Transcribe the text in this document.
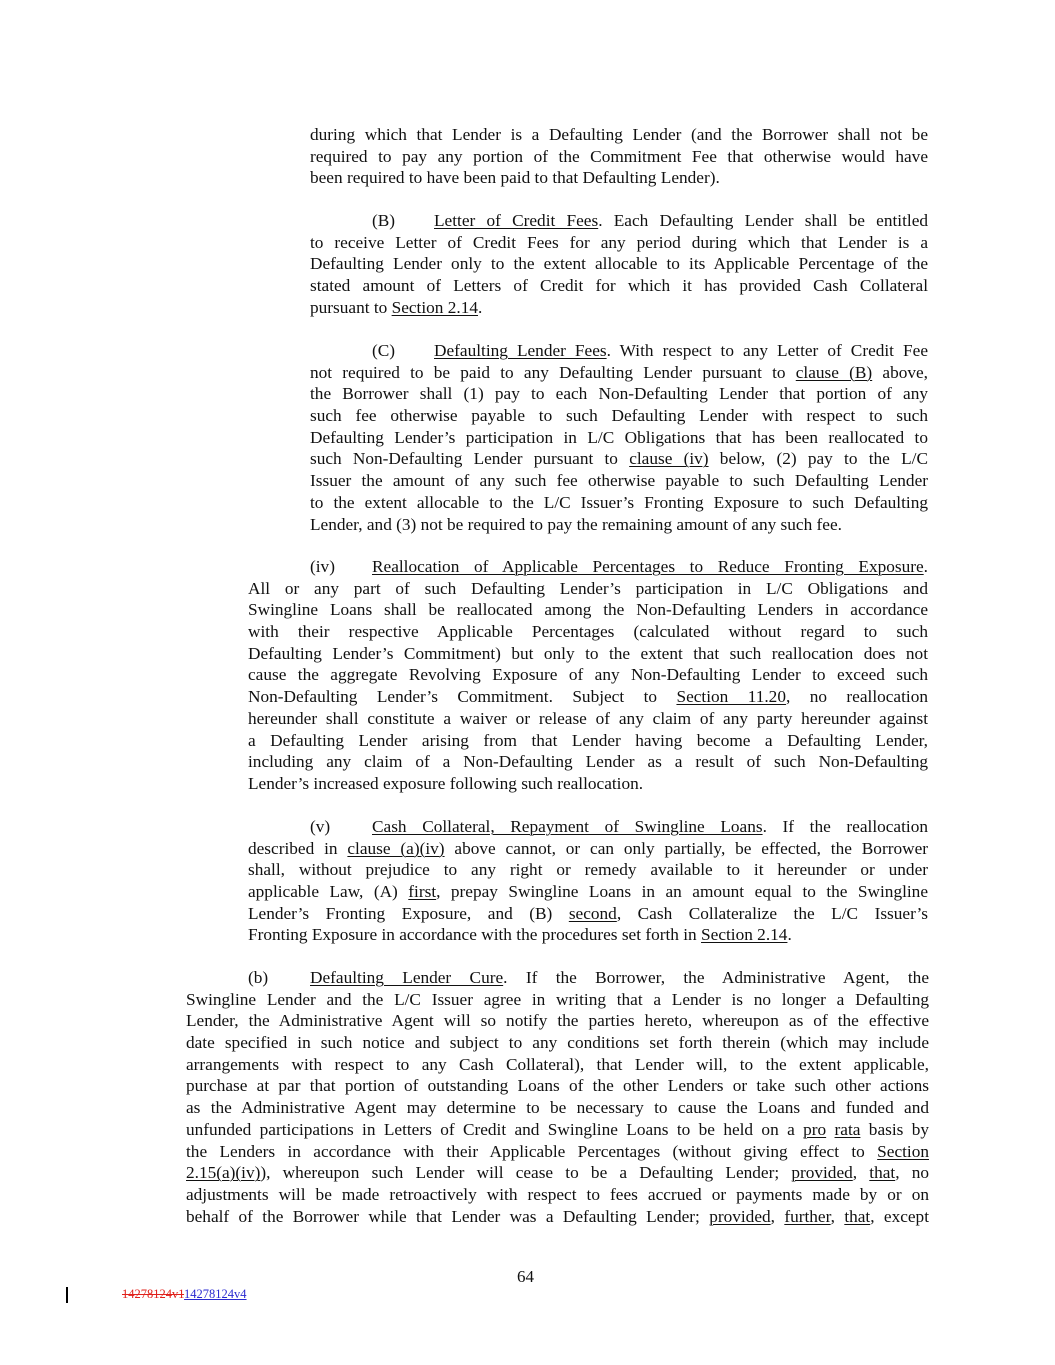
during which that Lender is a Defaulting Lender (and the Borrower shall not be
required to pay any portion of the Commitment Fee that otherwise would have
been required to have been paid to that Defaulting Lender).
(B) Letter of Credit Fees. Each Defaulting Lender shall be entitled
to receive Letter of Credit Fees for any period during which that Lender is a
Defaulting Lender only to the extent allocable to its Applicable Percentage of the
stated amount of Letters of Credit for which it has provided Cash Collateral
pursuant to Section 2.14.
(C) Defaulting Lender Fees. With respect to any Letter of Credit Fee
not required to be paid to any Defaulting Lender pursuant to clause (B) above,
the Borrower shall (1) pay to each Non-Defaulting Lender that portion of any
such fee otherwise payable to such Defaulting Lender with respect to such
Defaulting Lender’s participation in L/C Obligations that has been reallocated to
such Non-Defaulting Lender pursuant to clause (iv) below, (2) pay to the L/C
Issuer the amount of any such fee otherwise payable to such Defaulting Lender
to the extent allocable to the L/C Issuer’s Fronting Exposure to such Defaulting
Lender, and (3) not be required to pay the remaining amount of any such fee.
(iv) Reallocation of Applicable Percentages to Reduce Fronting Exposure.
All or any part of such Defaulting Lender’s participation in L/C Obligations and
Swingline Loans shall be reallocated among the Non-Defaulting Lenders in accordance
with their respective Applicable Percentages (calculated without regard to such
Defaulting Lender’s Commitment) but only to the extent that such reallocation does not
cause the aggregate Revolving Exposure of any Non-Defaulting Lender to exceed such
Non-Defaulting Lender’s Commitment. Subject to Section 11.20, no reallocation
hereunder shall constitute a waiver or release of any claim of any party hereunder against
a Defaulting Lender arising from that Lender having become a Defaulting Lender,
including any claim of a Non-Defaulting Lender as a result of such Non-Defaulting
Lender’s increased exposure following such reallocation.
(v) Cash Collateral, Repayment of Swingline Loans. If the reallocation
described in clause (a)(iv) above cannot, or can only partially, be effected, the Borrower
shall, without prejudice to any right or remedy available to it hereunder or under
applicable Law, (A) first, prepay Swingline Loans in an amount equal to the Swingline
Lender’s Fronting Exposure, and (B) second, Cash Collateralize the L/C Issuer’s
Fronting Exposure in accordance with the procedures set forth in Section 2.14.
(b) Defaulting Lender Cure. If the Borrower, the Administrative Agent, the
Swingline Lender and the L/C Issuer agree in writing that a Lender is no longer a Defaulting
Lender, the Administrative Agent will so notify the parties hereto, whereupon as of the effective
date specified in such notice and subject to any conditions set forth therein (which may include
arrangements with respect to any Cash Collateral), that Lender will, to the extent applicable,
purchase at par that portion of outstanding Loans of the other Lenders or take such other actions
as the Administrative Agent may determine to be necessary to cause the Loans and funded and
unfunded participations in Letters of Credit and Swingline Loans to be held on a pro rata basis by
the Lenders in accordance with their Applicable Percentages (without giving effect to Section
2.15(a)(iv)), whereupon such Lender will cease to be a Defaulting Lender; provided, that, no
adjustments will be made retroactively with respect to fees accrued or payments made by or on
behalf of the Borrower while that Lender was a Defaulting Lender; provided, further, that, except
64
14278124v114278124v4
